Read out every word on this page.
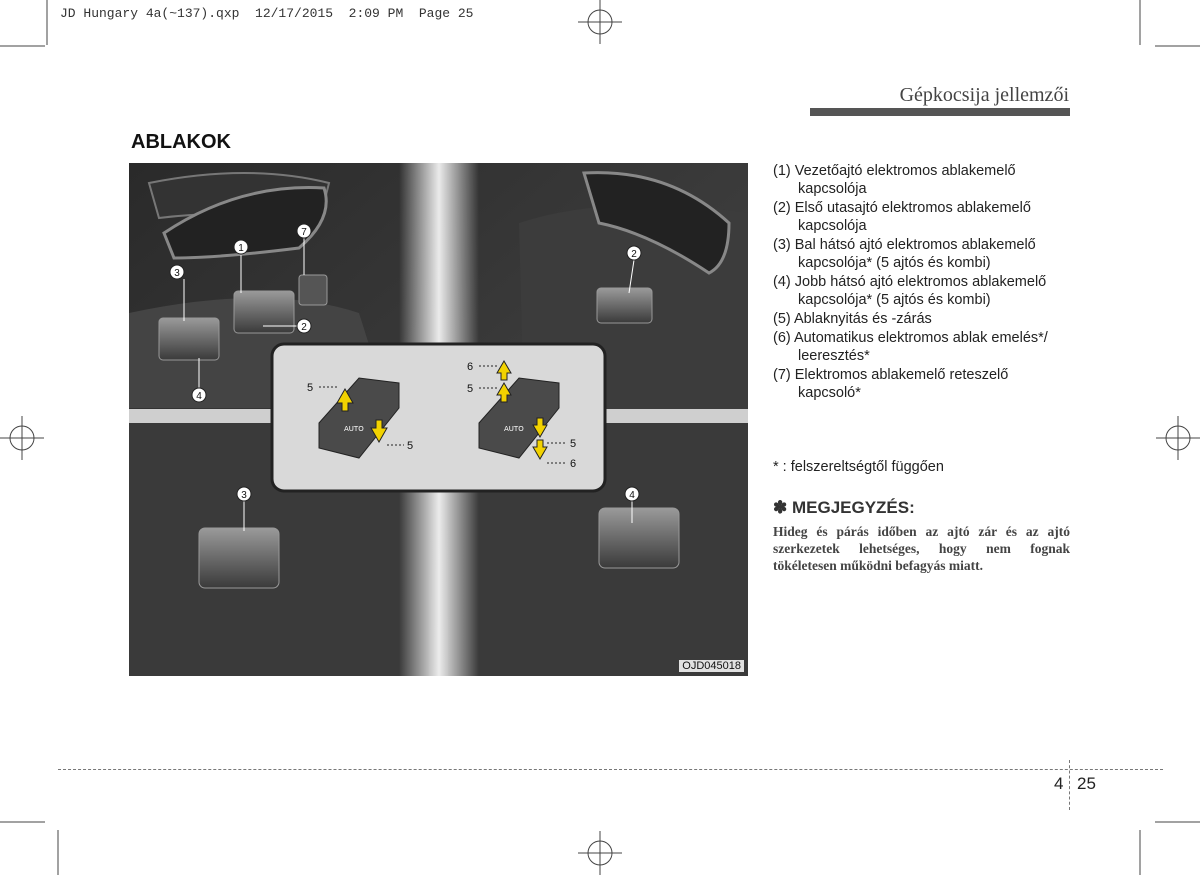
JD Hungary 4a(~137).qxp  12/17/2015  2:09 PM  Page 25
Gépkocsija jellemzői
ABLAKOK
AUTO	AUTO
5
5
6
5
5
6
1
7
3
2
4
2
3	4
OJD045018
(1) Vezetőajtó elektromos ablakemelő kapcsolója
(2) Első utasajtó elektromos ablakemelő kapcsolója
(3) Bal hátsó ajtó elektromos ablakemelő kapcsolója* (5 ajtós és kombi)
(4) Jobb hátsó ajtó elektromos ablakemelő kapcsolója* (5 ajtós és kombi)
(5) Ablaknyitás és -zárás
(6) Automatikus elektromos ablak emelés*/ leeresztés*
(7) Elektromos ablakemelő reteszelő kapcsoló*
* : felszereltségtől függően
✽ MEGJEGYZÉS:
Hideg és párás időben az ajtó zár és az ajtó szerkezetek lehetséges, hogy nem fognak tökéletesen működni befagyás miatt.
4 25
